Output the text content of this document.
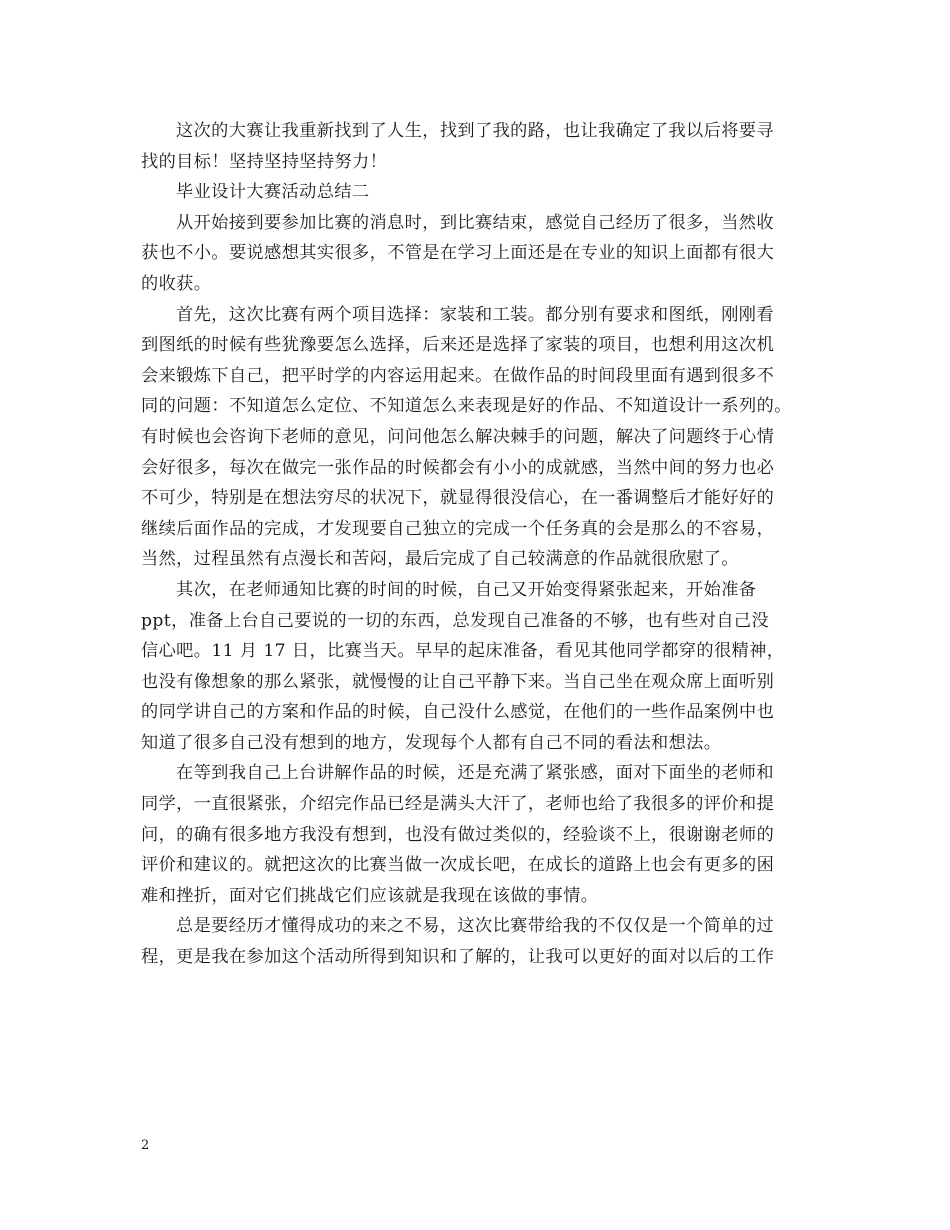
这次的大赛让我重新找到了人生，找到了我的路，也让我确定了我以后将要寻
找的目标！坚持坚持坚持努力！
毕业设计大赛活动总结二
从开始接到要参加比赛的消息时，到比赛结束，感觉自己经历了很多，当然收
获也不小。要说感想其实很多，不管是在学习上面还是在专业的知识上面都有很大
的收获。
首先，这次比赛有两个项目选择：家装和工装。都分别有要求和图纸，刚刚看
到图纸的时候有些犹豫要怎么选择，后来还是选择了家装的项目，也想利用这次机
会来锻炼下自己，把平时学的内容运用起来。在做作品的时间段里面有遇到很多不
同的问题：不知道怎么定位、不知道怎么来表现是好的作品、不知道设计一系列的。
有时候也会咨询下老师的意见，问问他怎么解决棘手的问题，解决了问题终于心情
会好很多，每次在做完一张作品的时候都会有小小的成就感，当然中间的努力也必
不可少，特别是在想法穷尽的状况下，就显得很没信心，在一番调整后才能好好的
继续后面作品的完成，才发现要自己独立的完成一个任务真的会是那么的不容易，
当然，过程虽然有点漫长和苦闷，最后完成了自己较满意的作品就很欣慰了。
其次，在老师通知比赛的时间的时候，自己又开始变得紧张起来，开始准备
ppt，准备上台自己要说的一切的东西，总发现自己准备的不够，也有些对自己没
信心吧。11 月 17 日，比赛当天。早早的起床准备，看见其他同学都穿的很精神，
也没有像想象的那么紧张，就慢慢的让自己平静下来。当自己坐在观众席上面听别
的同学讲自己的方案和作品的时候，自己没什么感觉，在他们的一些作品案例中也
知道了很多自己没有想到的地方，发现每个人都有自己不同的看法和想法。
在等到我自己上台讲解作品的时候，还是充满了紧张感，面对下面坐的老师和
同学，一直很紧张，介绍完作品已经是满头大汗了，老师也给了我很多的评价和提
问，的确有很多地方我没有想到，也没有做过类似的，经验谈不上，很谢谢老师的
评价和建议的。就把这次的比赛当做一次成长吧，在成长的道路上也会有更多的困
难和挫折，面对它们挑战它们应该就是我现在该做的事情。
总是要经历才懂得成功的来之不易，这次比赛带给我的不仅仅是一个简单的过
程，更是我在参加这个活动所得到知识和了解的，让我可以更好的面对以后的工作
2
